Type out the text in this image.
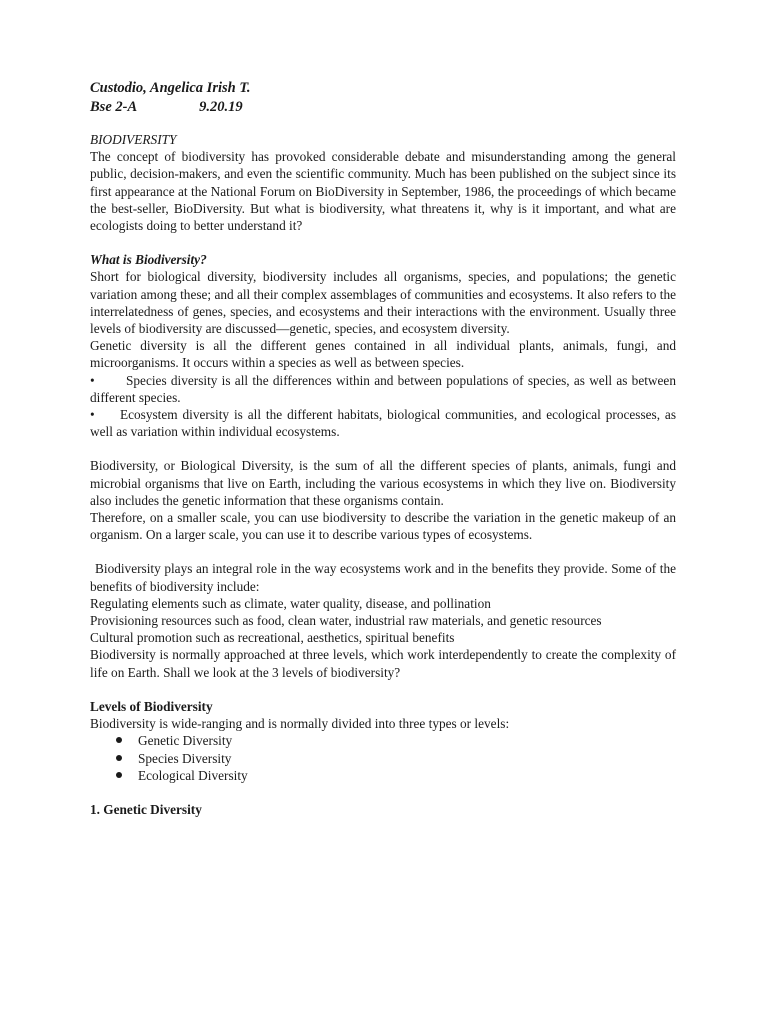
Custodio, Angelica Irish T.
Bse 2-A	9.20.19
BIODIVERSITY

The concept of biodiversity has provoked considerable debate and misunderstanding among the general public, decision-makers, and even the scientific community. Much has been published on the subject since its first appearance at the National Forum on BioDiversity in September, 1986, the proceedings of which became the best-seller, BioDiversity. But what is biodiversity, what threatens it, why is it important, and what are ecologists doing to better understand it?

What is Biodiversity?

Short for biological diversity, biodiversity includes all organisms, species, and populations; the genetic variation among these; and all their complex assemblages of communities and ecosystems. It also refers to the interrelatedness of genes, species, and ecosystems and their interactions with the environment. Usually three levels of biodiversity are discussed—genetic, species, and ecosystem diversity.

Genetic diversity is all the different genes contained in all individual plants, animals, fungi, and microorganisms. It occurs within a species as well as between species.

• Species diversity is all the differences within and between populations of species, as well as between different species.
• Ecosystem diversity is all the different habitats, biological communities, and ecological processes, as well as variation within individual ecosystems.

Biodiversity, or Biological Diversity, is the sum of all the different species of plants, animals, fungi and microbial organisms that live on Earth, including the various ecosystems in which they live on. Biodiversity also includes the genetic information that these organisms contain.

Therefore, on a smaller scale, you can use biodiversity to describe the variation in the genetic makeup of an organism. On a larger scale, you can use it to describe various types of ecosystems.

Biodiversity plays an integral role in the way ecosystems work and in the benefits they provide. Some of the benefits of biodiversity include:

Regulating elements such as climate, water quality, disease, and pollination

Provisioning resources such as food, clean water, industrial raw materials, and genetic resources

Cultural promotion such as recreational, aesthetics, spiritual benefits

Biodiversity is normally approached at three levels, which work interdependently to create the complexity of life on Earth. Shall we look at the 3 levels of biodiversity?

Levels of Biodiversity

Biodiversity is wide-ranging and is normally divided into three types or levels:

Genetic Diversity
Species Diversity
Ecological Diversity
1. Genetic Diversity
